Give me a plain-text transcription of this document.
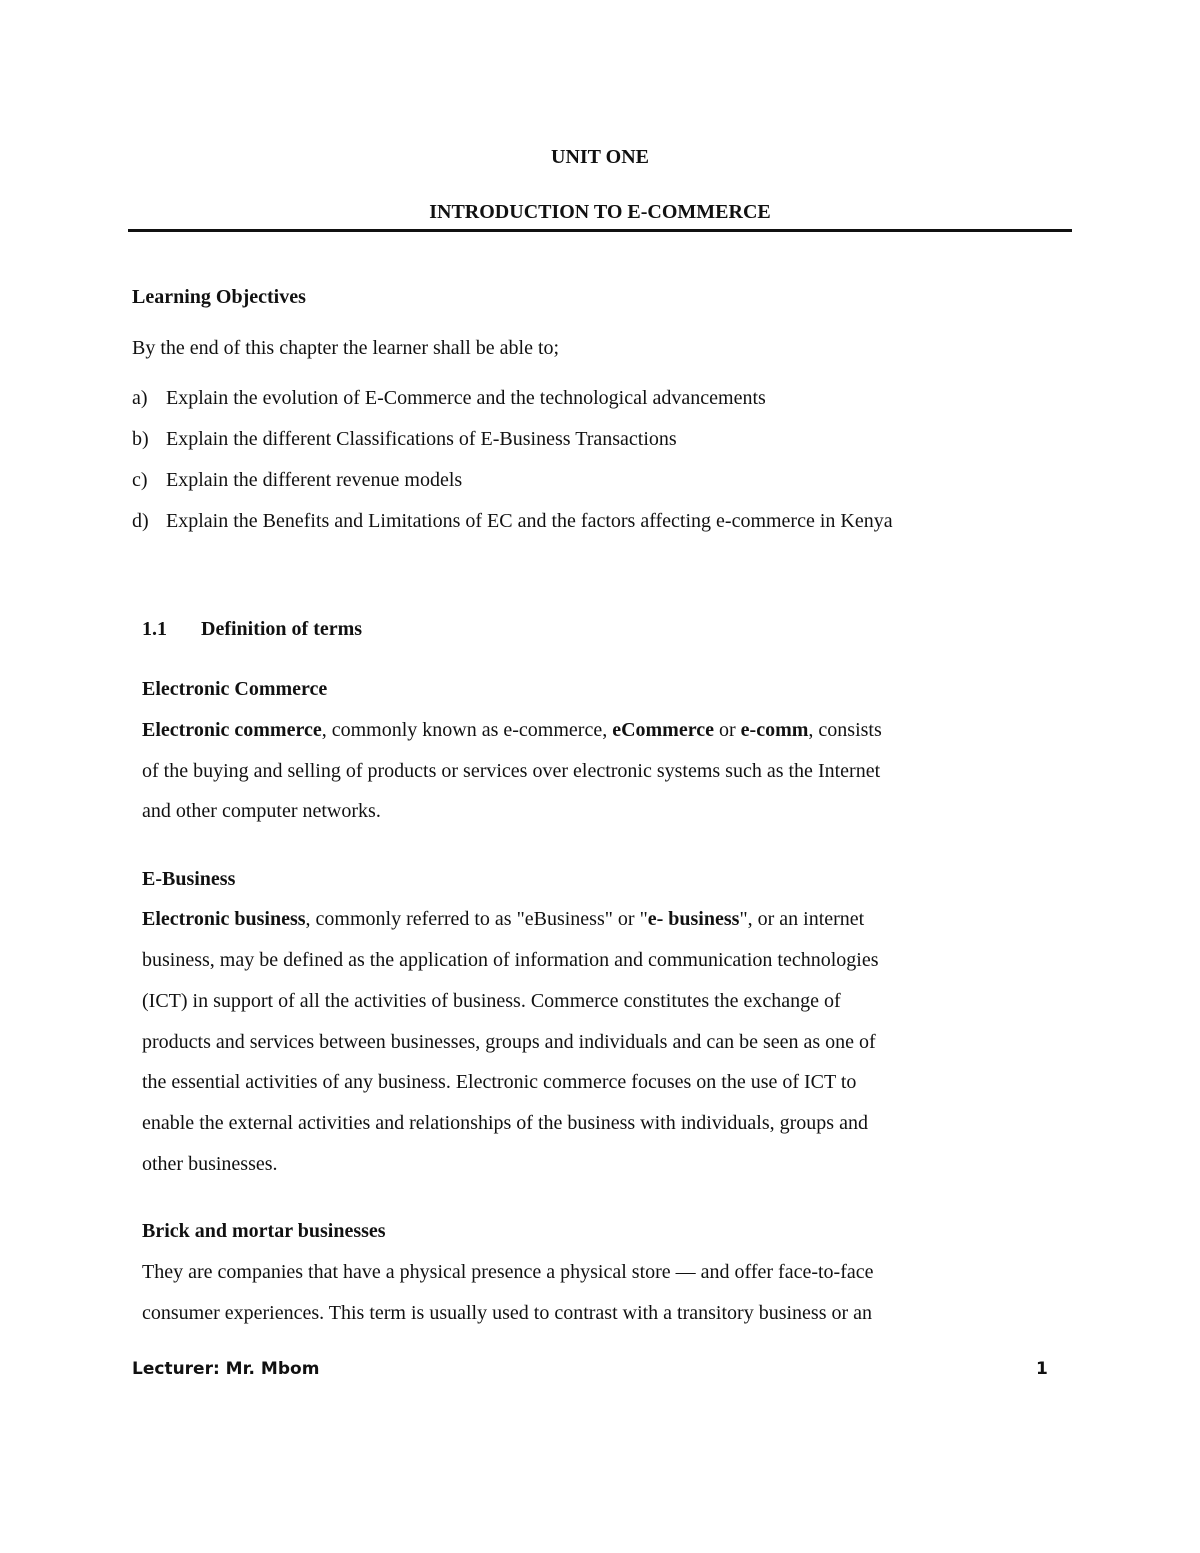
UNIT ONE
INTRODUCTION TO E-COMMERCE
Learning Objectives
By the end of this chapter the learner shall be able to;
a) Explain the evolution of E-Commerce and the technological advancements
b) Explain the different Classifications of E-Business Transactions
c) Explain the different revenue models
d) Explain the Benefits and Limitations of EC and the factors affecting e-commerce in Kenya
1.1 Definition of terms
Electronic Commerce
Electronic commerce, commonly known as e-commerce, eCommerce or e-comm, consists
of the buying and selling of products or services over electronic systems such as the Internet
and other computer networks.
E-Business
Electronic business, commonly referred to as "eBusiness" or "e- business", or an internet
business, may be defined as the application of information and communication technologies
(ICT) in support of all the activities of business. Commerce constitutes the exchange of
products and services between businesses, groups and individuals and can be seen as one of
the essential activities of any business. Electronic commerce focuses on the use of ICT to
enable the external activities and relationships of the business with individuals, groups and
other businesses.
Brick and mortar businesses
They are companies that have a physical presence a physical store — and offer face-to-face
consumer experiences. This term is usually used to contrast with a transitory business or an
Lecturer: Mr. Mbom	1
